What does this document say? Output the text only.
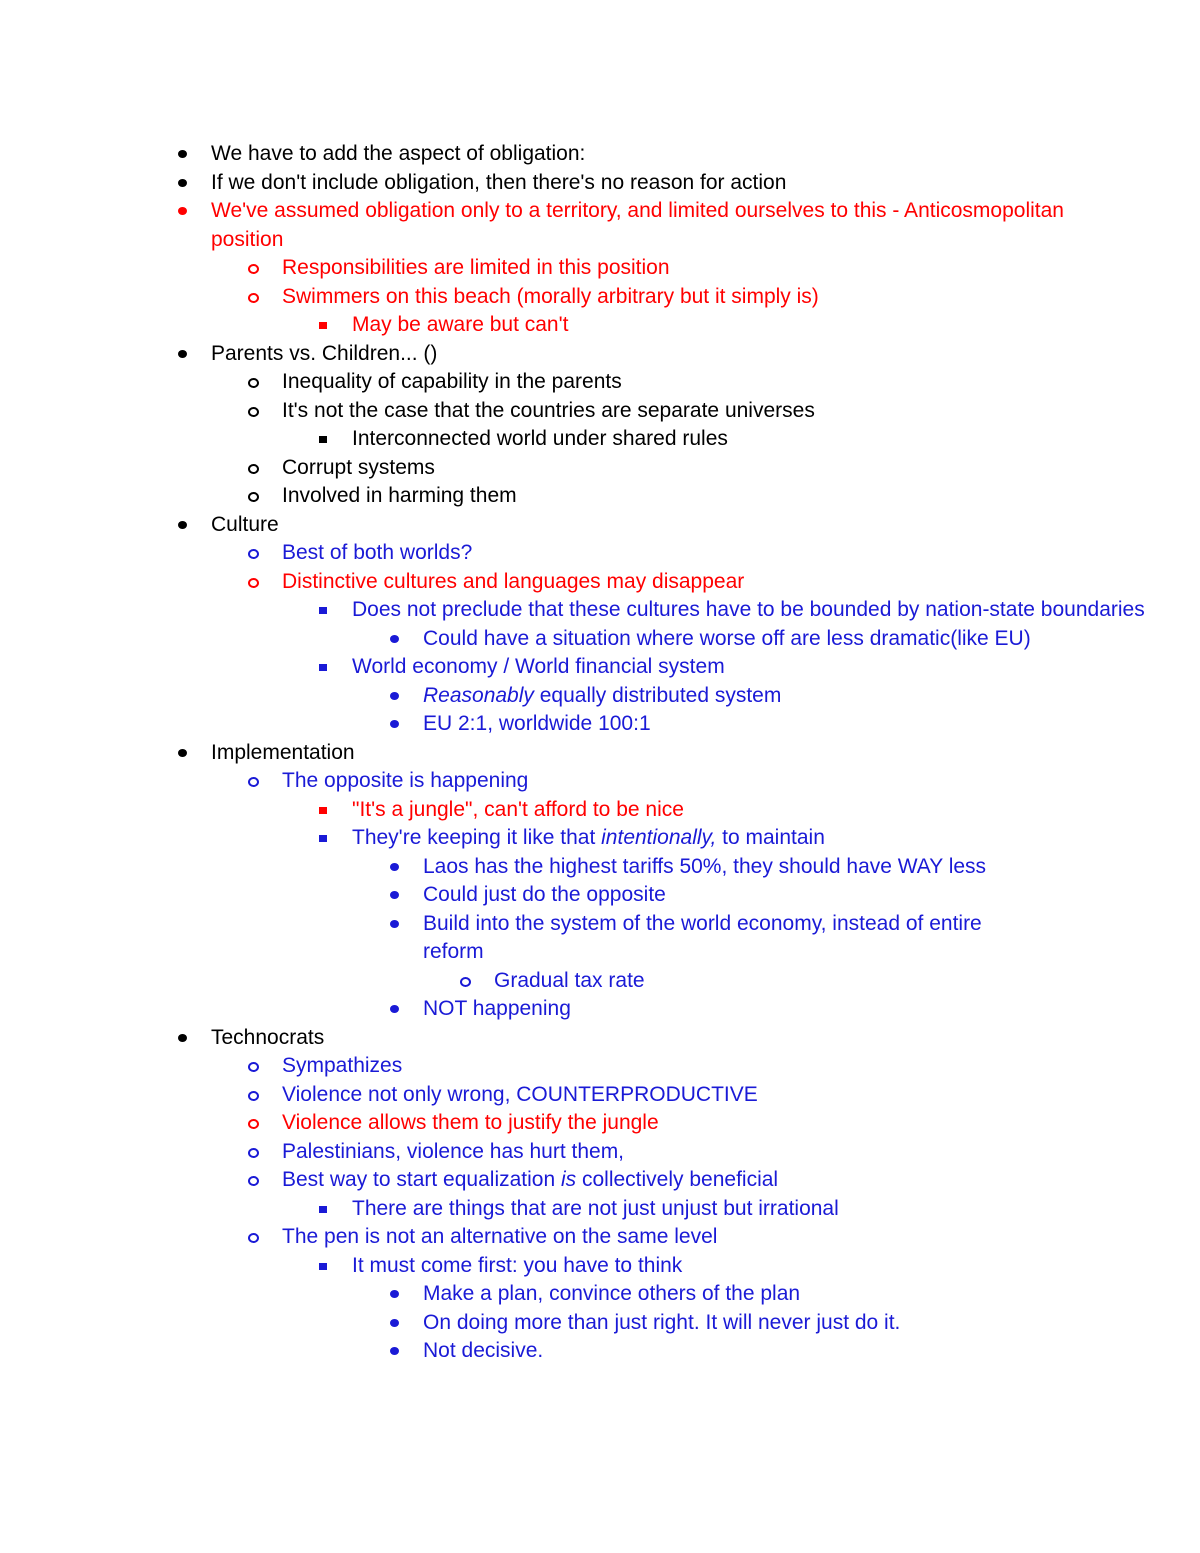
We have to add the aspect of obligation:
If we don't include obligation, then there's no reason for action
We've assumed obligation only to a territory, and limited ourselves to this - Anticosmopolitan position
Responsibilities are limited in this position
Swimmers on this beach (morally arbitrary but it simply is)
May be aware but can't
Parents vs. Children... ()
Inequality of capability in the parents
It's not the case that the countries are separate universes
Interconnected world under shared rules
Corrupt systems
Involved in harming them
Culture
Best of both worlds?
Distinctive cultures and languages may disappear
Does not preclude that these cultures have to be bounded by nation-state boundaries
Could have a situation where worse off are less dramatic(like EU)
World economy / World financial system
Reasonably equally distributed system
EU 2:1, worldwide 100:1
Implementation
The opposite is happening
"It's a jungle", can't afford to be nice
They're keeping it like that intentionally, to maintain
Laos has the highest tariffs 50%, they should have WAY less
Could just do the opposite
Build into the system of the world economy, instead of entire reform
Gradual tax rate
NOT happening
Technocrats
Sympathizes
Violence not only wrong, COUNTERPRODUCTIVE
Violence allows them to justify the jungle
Palestinians, violence has hurt them,
Best way to start equalization is collectively beneficial
There are things that are not just unjust but irrational
The pen is not an alternative on the same level
It must come first: you have to think
Make a plan, convince others of the plan
On doing more than just right. It will never just do it.
Not decisive.
